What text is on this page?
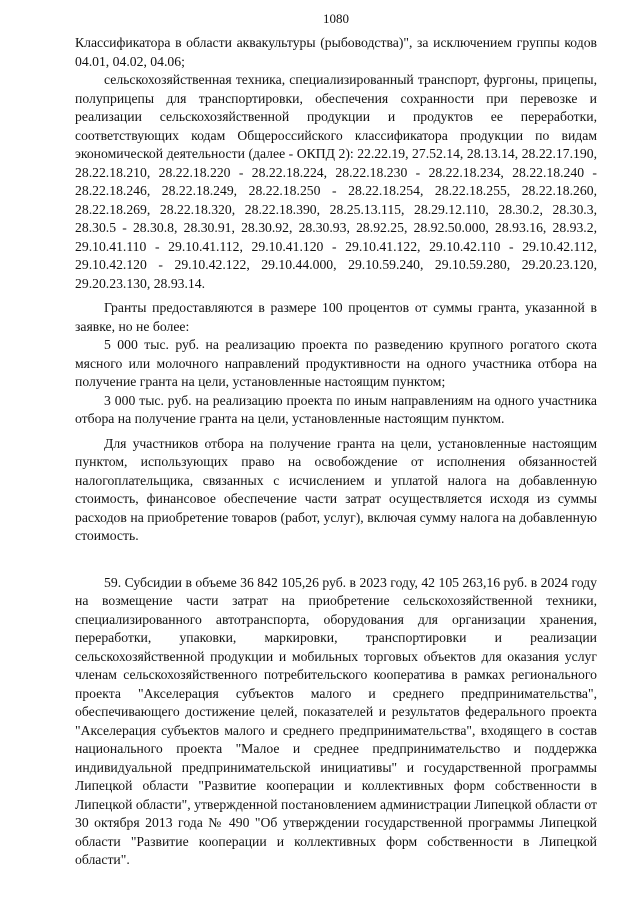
1080

Классификатора в области аквакультуры (рыбоводства)", за исключением группы кодов 04.01, 04.02, 04.06;

сельскохозяйственная техника, специализированный транспорт, фургоны, прицепы, полуприцепы для транспортировки, обеспечения сохранности при перевозке и реализации сельскохозяйственной продукции и продуктов ее переработки, соответствующих кодам Общероссийского классификатора продукции по видам экономической деятельности (далее - ОКПД 2): 22.22.19, 27.52.14, 28.13.14, 28.22.17.190, 28.22.18.210, 28.22.18.220 - 28.22.18.224, 28.22.18.230 - 28.22.18.234, 28.22.18.240 - 28.22.18.246, 28.22.18.249, 28.22.18.250 - 28.22.18.254, 28.22.18.255, 28.22.18.260, 28.22.18.269, 28.22.18.320, 28.22.18.390, 28.25.13.115, 28.29.12.110, 28.30.2, 28.30.3, 28.30.5 - 28.30.8, 28.30.91, 28.30.92, 28.30.93, 28.92.25, 28.92.50.000, 28.93.16, 28.93.2, 29.10.41.110 - 29.10.41.112, 29.10.41.120 - 29.10.41.122, 29.10.42.110 - 29.10.42.112, 29.10.42.120 - 29.10.42.122, 29.10.44.000, 29.10.59.240, 29.10.59.280, 29.20.23.120, 29.20.23.130, 28.93.14.

Гранты предоставляются в размере 100 процентов от суммы гранта, указанной в заявке, но не более:

5 000 тыс. руб. на реализацию проекта по разведению крупного рогатого скота мясного или молочного направлений продуктивности на одного участника отбора на получение гранта на цели, установленные настоящим пунктом;

3 000 тыс. руб. на реализацию проекта по иным направлениям на одного участника отбора на получение гранта на цели, установленные настоящим пунктом.

Для участников отбора на получение гранта на цели, установленные настоящим пунктом, использующих право на освобождение от исполнения обязанностей налогоплательщика, связанных с исчислением и уплатой налога на добавленную стоимость, финансовое обеспечение части затрат осуществляется исходя из суммы расходов на приобретение товаров (работ, услуг), включая сумму налога на добавленную стоимость.

59. Субсидии в объеме 36 842 105,26 руб. в 2023 году, 42 105 263,16 руб. в 2024 году на возмещение части затрат на приобретение сельскохозяйственной техники, специализированного автотранспорта, оборудования для организации хранения, переработки, упаковки, маркировки, транспортировки и реализации сельскохозяйственной продукции и мобильных торговых объектов для оказания услуг членам сельскохозяйственного потребительского кооператива в рамках регионального проекта "Акселерация субъектов малого и среднего предпринимательства", обеспечивающего достижение целей, показателей и результатов федерального проекта "Акселерация субъектов малого и среднего предпринимательства", входящего в состав национального проекта "Малое и среднее предпринимательство и поддержка индивидуальной предпринимательской инициативы" и государственной программы Липецкой области "Развитие кооперации и коллективных форм собственности в Липецкой области", утвержденной постановлением администрации Липецкой области от 30 октября 2013 года № 490 "Об утверждении государственной программы Липецкой области "Развитие кооперации и коллективных форм собственности в Липецкой области".
